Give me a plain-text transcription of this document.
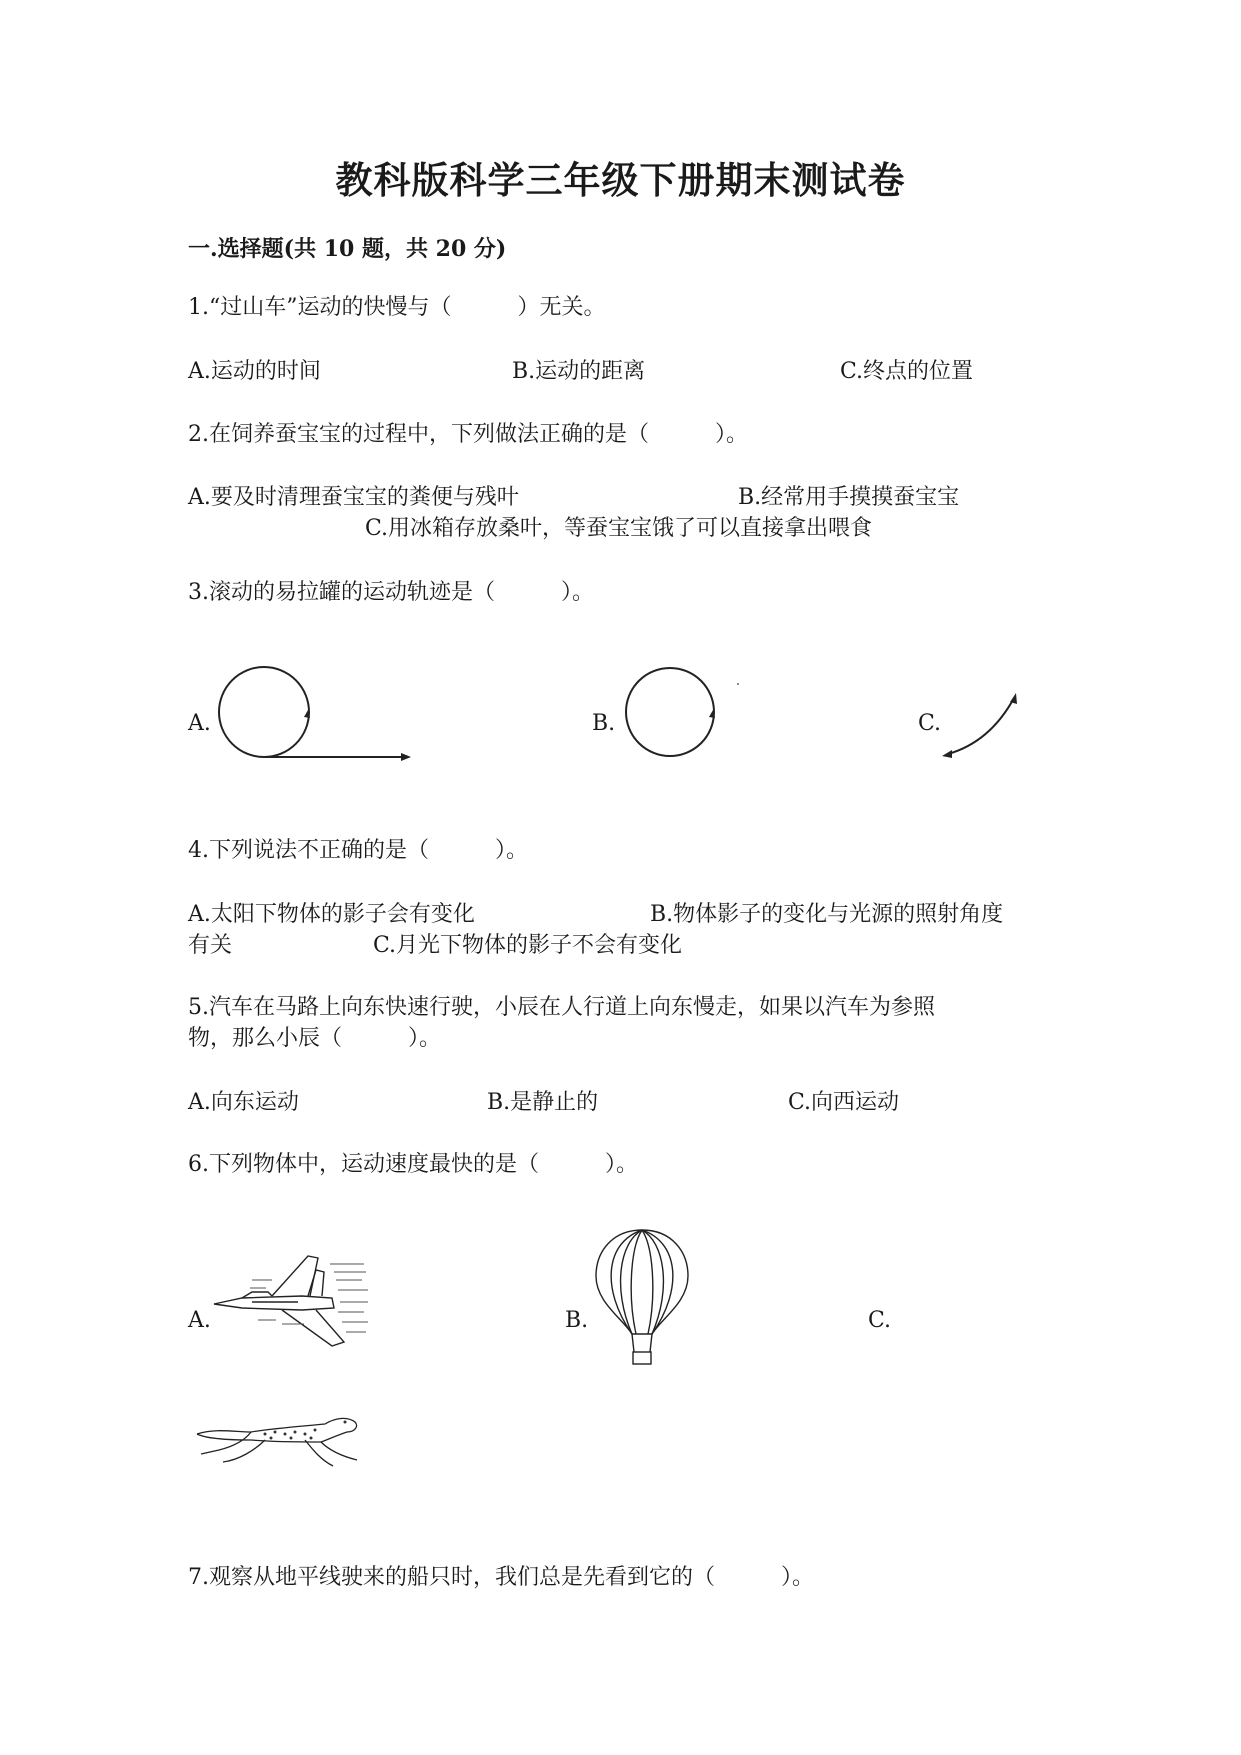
教科版科学三年级下册期末测试卷
一.选择题(共 10 题，共 20 分)
1.“过山车”运动的快慢与（　　　）无关。
A.运动的时间	B.运动的距离	C.终点的位置
2.在饲养蚕宝宝的过程中，下列做法正确的是（　　　）。
A.要及时清理蚕宝宝的粪便与残叶	B.经常用手摸摸蚕宝宝
C.用冰箱存放桑叶，等蚕宝宝饿了可以直接拿出喂食
3.滚动的易拉罐的运动轨迹是（　　　）。
A.	B.	C.
4.下列说法不正确的是（　　　）。
A.太阳下物体的影子会有变化	B.物体影子的变化与光源的照射角度
有关	C.月光下物体的影子不会有变化
5.汽车在马路上向东快速行驶，小辰在人行道上向东慢走，如果以汽车为参照
物，那么小辰（　　　）。
A.向东运动	B.是静止的	C.向西运动
6.下列物体中，运动速度最快的是（　　　）。
A.	B.	C.
7.观察从地平线驶来的船只时，我们总是先看到它的（　　　）。
